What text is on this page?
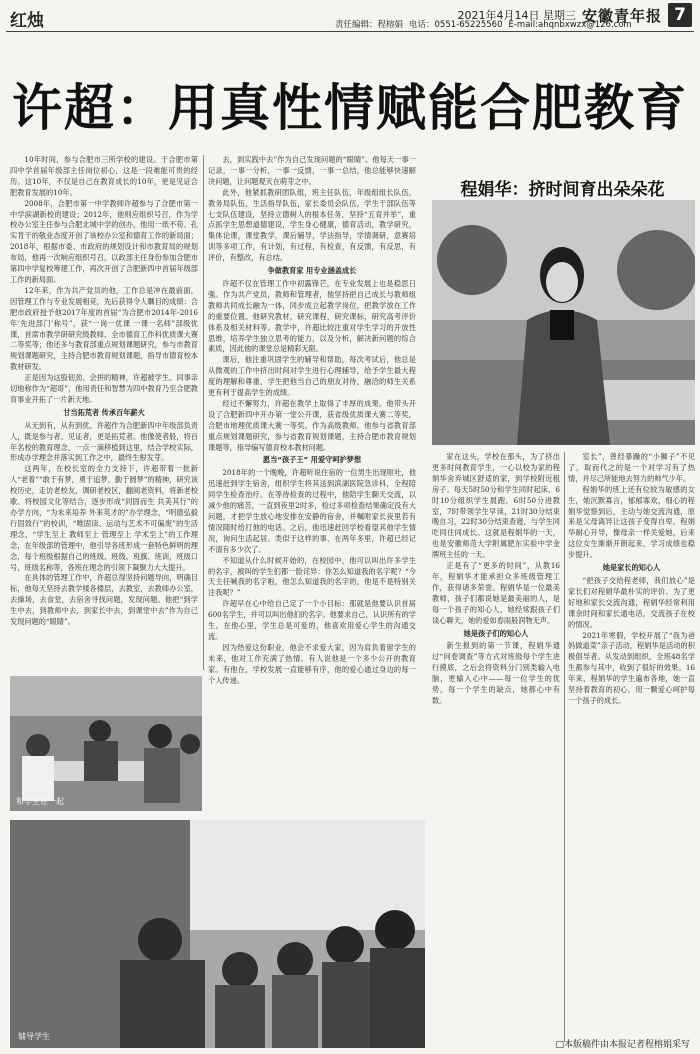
红烛	2021年4月14日 星期三 安徽青年报 7
责任编辑：程榕娟 电话：0551-65225560 E-mail:ahqnbxwzx@126.com
许超：用真性情赋能合肥教育

10年时间，参与合肥市三所学校的建设。于合肥市第四中学首届年级部主任岗位初心，这是一段难能可贵的经历。这10年，不仅是自己在教育成长的10年，更是见证合肥教育发展的10年。

2008年，合肥市第一中学教师许超参与了合肥市第一中学滨湖新校的建设；2012年，他则应组织号召，作为学校办公室主任参与合肥北城中学的创办，他用一纸不苟、孔实肯干的敬业态度开创了该校办公室和德育工作的新局面；2018年，根据市委、市政府的规划设计和市教育局的规划布局，他再一次响应组织号召，以政部主任身份参加合肥市第四中学复校筹建工作，再次开创了合肥新四中首届年级部工作的新局面。

12年来，作为共产党员的他，工作总是冲在最前面，因管理工作与专业发展相竞，先后获得令人瞩目的成绩：合肥市政府授予他2017年度的首届“为合肥市2014年-2016年‘先进部门’称号”，获“一岗一优课 一课一名师”部级优课，首席市教学研研究级教师、全市德育工作科优质课大赛二等奖等；他还多与教育部重点规划课题研究，参与市教育规划课题研究，主持合肥市教育规划课题，指导市德育校本教材研发。

正是因为这股韧劲、会拼的精神，许超被学生、同事亲切地称作为“超哥”，他用责任和智慧为四中教育乃至合肥教育事业开拓了一片新天地。

甘当拓荒者 传承百年薪火

从无到有，从有到优。许超作为合肥新四中年级部负责人，既是参与者、见证者，更是拓荒者。他像使者般，将百年名校的教育理念，一点一滴移植到这里，结合学校实际，形成办学理念并落实到工作之中，最终生根发芽。

这两年，在校长室的全力支持下，许超带着一批新人“老着”“敢于有梦，勇于追梦，勤于圆梦”的精神，研究该校历史，走访老校友，调研老校区，翻阅老资料，将新老校歌、将校园文化等结合，逐步形成“同固而生 共美其行”的办学方向，“为未来培养 外来英才的”办学理念，“明德弘毅 行固致行”的校训，“唯固读、运动与艺术不可偏废”的生活理念，“学生至上 教师至上 管理至上 学术至上”的工作理念，在年级部的管理中，他引导各班形成一套特色鲜明的理念，每个班级根据自己的班级、班级、班旗、班训，班级口号，班级名称等，各班在理念的引领下凝聚力大大提升。

在具体的管理工作中，许超总得坚持问题导向，明确目标，他每天坚持去教学楼各楼层，去教室，去教师办公室，去操场，去食堂，去宿舍寻找问题，发现问题。他把“到学生中去，到教师中去，到家长中去，到课堂中去”作为自己发现问题的“眼睛”。

去，到实践中去”作为自己发现问题的“眼睛”。他每天一事一记录，一事一分析，一事一反馈，一事一总结，他总能够快速解决问题，让问题观灭在萌芽之中。

此外，他紧抓教研团队组，班主任队伍，年级组组长队伍，教务局队伍，生活指导队伍，家长委员会队伍，学生干部队伍等七支队伍建设，坚持立德树人的根本任务，坚持“五育并举”，重点抓学生思想道德建设，学生身心健康，德育活动，教学研究，集体论课，课堂教学，课后辅导，学法指导，学情调研，意赛培训等多项工作，有计划，有过程，有检查，有反馈，有反思，有评价，有整改，有总结。

争做教育家 用专业涵盖成长

许超不仅在管理工作中初露锋芒，在专业发展上也是稳思日强。作为共产党员，教师和管理者，他坚持把自己成长与教师组教师共同成长融为一体，同步成立起教学岗位，把教学放在工作的重要位置。他研究教材，研究课程，研究课标，研究高考评价体系及相关材料等。教学中，许超比较注重对学生学习的开放性思维，培养学生独立思考的能力，以及分析，解决新问题的综合素质，因此他的课堂总是精彩无限。

课后，他注重巩固学生的辅导和帮助，每次考试后，他总是从微观的工作中挤出时间对学生进行心理辅导，给予学生最大程度的理解和尊重，学生把他当自己的朋友对待，融洽的师生关系更有利于提高学生的成绩。

经过不懈努力，许超在教学上取得了丰厚的成果。他带头开设了合肥新四中开办第一堂公开课，获省级优质课大赛二等奖，合肥市地理优质课大赛一等奖。作为高级教师，他参与省教育部重点规划课题研究，参与省教育规划课题，主持合肥市教育规划课题等，指导编写德育校本教材问题。

愿当“孩子王” 用爱守呵护梦想

2018年的一个晚晚，许超听说住宿的一位男生出现呕吐，他迅速赶到学生宿舍，组织学生将其送到滨湖医院急诊科，全程陪同学生检查治疗。在等待检查的过程中，他陪学生聊天交流，以减少他的痛苦，一直到夜里2时多，检过多项检查结果确定没有大问题，才把学生放心地安排在安静的宿舍，并嘱咐家长夜里若有情况随时给打他的电话。之后，他迅速赶回学校看望其他学生情况，询问生活起居。类似于这样的事，在两年多里，许超已经记不清有多少次了。

不知道从什么时候开始的，在校园中，他可以叫出许多学生的名字，被叫的学生们都一脸诧异：你怎么知道我的名字呢？“今天主任喊我的名字啦，他怎么知道我的名字的，他是不是特别关注我呢？”

许超早在心中给自己定了一个小目标：那就是他要认识首届600名学生，并可以叫出他们的名字。他要求自己，认识所有的学生。在他心里，学生总是可爱的，他喜欢用爱心学生的沟通交流。

因为热爱这份职业，他会不求爱大家，因为肩负着留学生的未来，他对工作充满了热情。有人说他是一个多少公开的教育家。有他在，学校发展一直能够有序，他的爱心通过身边的每一个人传递。

和学生在一起
辅导学生
程娟华：挤时间育出朵朵花

家在这头，学校在那头，为了挤出更多时间教育学生，一心以校为家的程娟华舍弃城区舒适的家，到学校附近租房子。每天5时50分和学生同时起床，6时10分组织学生晨跑，6时50分进教室，7时带领学生早读，21时30分结束晚自习，22时30分结束查寝，与学生同吃同住同成长。这就是程娟华的一天，也是安徽师范大学附属肥东实验中学金牌班主任的一天。

正是有了“更多的时间”，从教16年，程娟华才能承担众多班级管理工作，获得诸多荣誉。程娟华是一位最美教师，孩子们都说她是最美丽的人，是每一个孩子的知心人，她经常跟孩子们谈心聊天，她的爱如春雨般润物无声。

她是孩子们的知心人

新生报到的第一节课，程娟华通过“问卷调查”等方式对班级每个学生进行摸底，之后会将资料分门别类输入电脑，更输入心中——每一位学生的优势，每一个学生的缺点，她都心中有数。

室长”，曾经暴躁的“小狮子”不见了，取而代之的是一个对学习有了热情，并尽己所能地去努力的帅气少年。

程娟华的班上还有位较为敏感的女生，她沉默寡言，郁郁寡欢，细心的程娟华觉察到后，主动与她交流沟通，原来是父母离异让这孩子变得自卑。程娟华耐心开导，像母亲一样关爱她，后来这位女生渐渐开朗起来，学习成绩也稳步提升。

她是家长的知心人

“把孩子交给程老师，我们放心”是家长们对程娟华最朴实的评价。为了更好地和家长交流沟通，程娟华经常利用课余时间和家长通电话，交流孩子在校的情况。

2021年寒假，学校开展了“我为爸妈做道菜”亲子活动，程娟华是活动的积极倡导者。从发动到组织，全班48名学生都参与其中，收到了很好的效果。16年来，程娟华的学生遍布各地，她一直坚持着教育的初心，用一颗爱心呵护每一个孩子的成长。

□本版稿件由本报记者程榕娟采写
